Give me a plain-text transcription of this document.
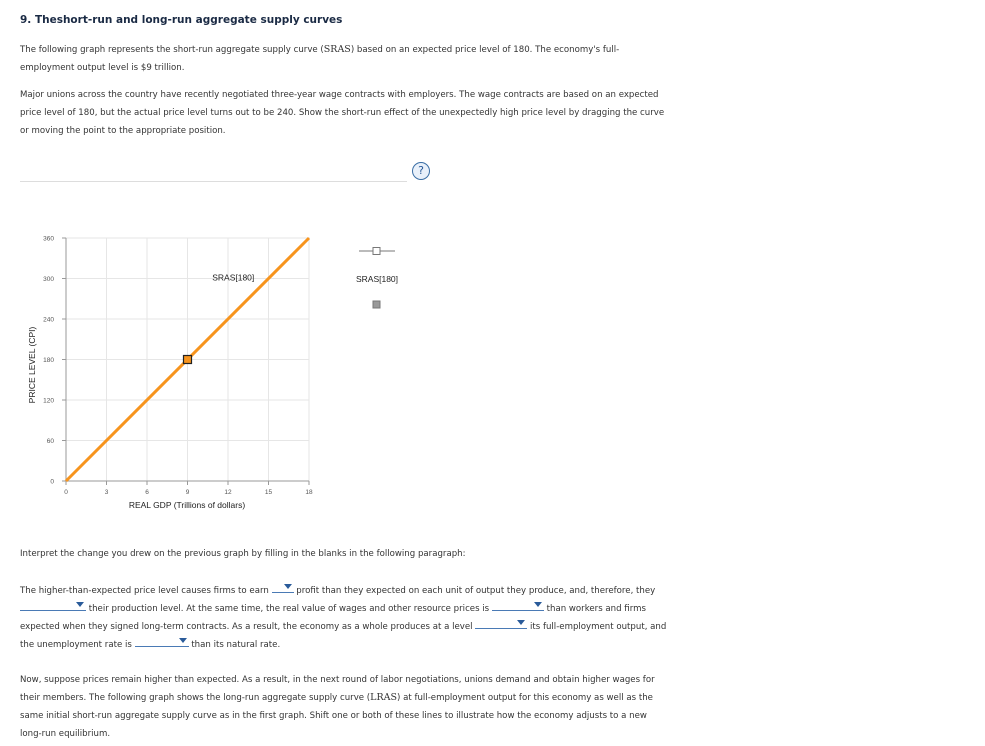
9. Theshort-run and long-run aggregate supply curves
The following graph represents the short-run aggregate supply curve (SRAS) based on an expected price level of 180. The economy's full-
employment output level is $9 trillion.
Major unions across the country have recently negotiated three-year wage contracts with employers. The wage contracts are based on an expected
price level of 180, but the actual price level turns out to be 240. Show the short-run effect of the unexpectedly high price level by dragging the curve
or moving the point to the appropriate position.
?
PRICE LEVEL (CPI)
REAL GDP (Trillions of dollars)
0
60
120
180
240
300
360
0	3	6	9	12	15	18
SRAS[180]	SRAS[180]
Interpret the change you drew on the previous graph by filling in the blanks in the following paragraph:
The higher-than-expected price level causes firms to earn	profit than they expected on each unit of output they produce, and, therefore, they
their production level. At the same time, the real value of wages and other resource prices is	than workers and firms
expected when they signed long-term contracts. As a result, the economy as a whole produces at a level	its full-employment output, and
the unemployment rate is	than its natural rate.
Now, suppose prices remain higher than expected. As a result, in the next round of labor negotiations, unions demand and obtain higher wages for
their members. The following graph shows the long-run aggregate supply curve (LRAS) at full-employment output for this economy as well as the
same initial short-run aggregate supply curve as in the first graph. Shift one or both of these lines to illustrate how the economy adjusts to a new
long-run equilibrium.
